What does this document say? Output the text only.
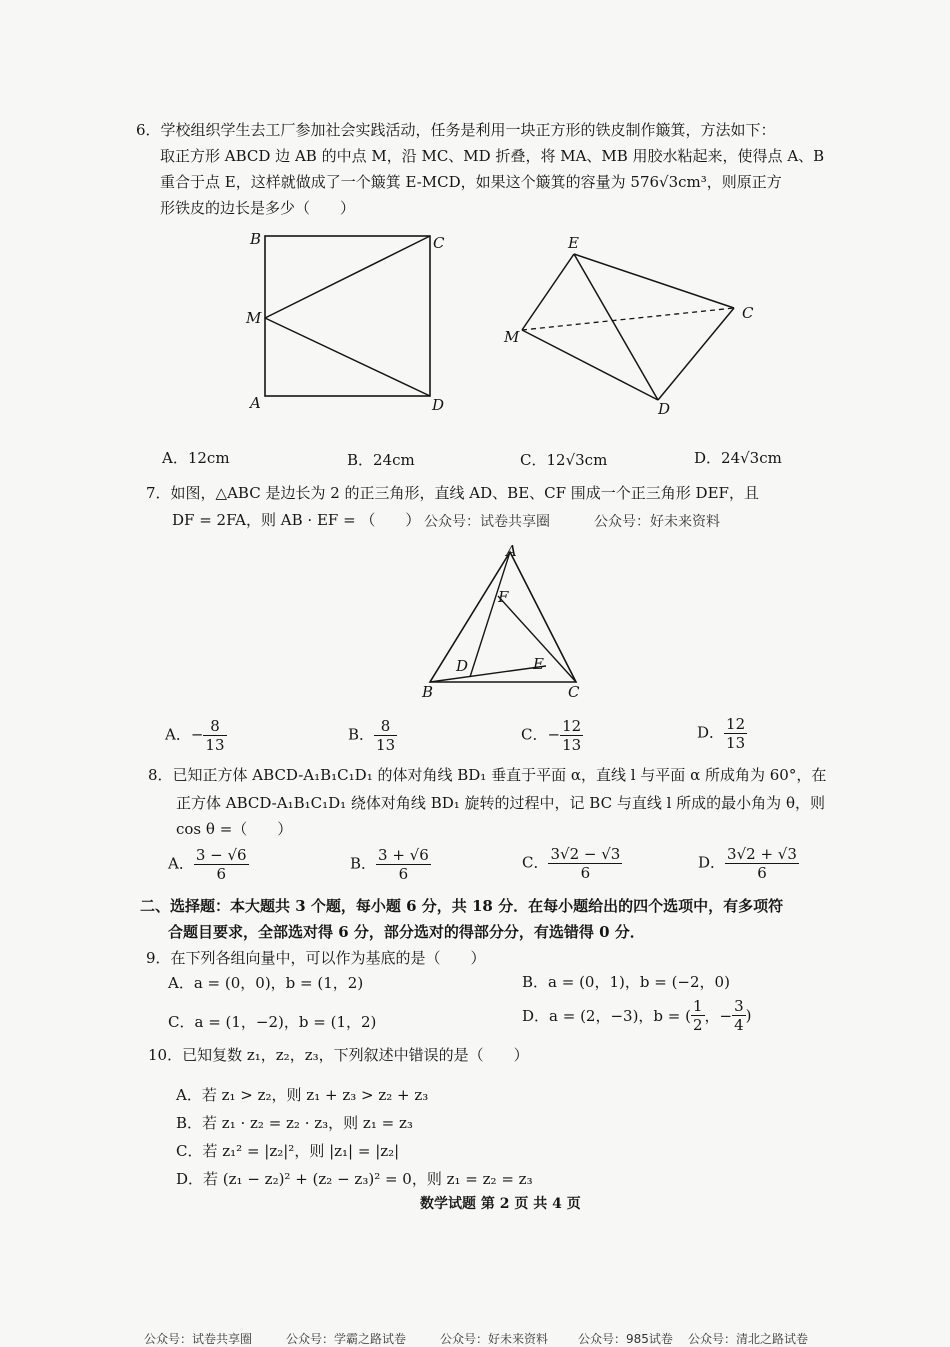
6．学校组织学生去工厂参加社会实践活动，任务是利用一块正方形的铁皮制作簸箕，方法如下：
取正方形 ABCD 边 AB 的中点 M，沿 MC、MD 折叠，将 MA、MB 用胶水粘起来，使得点 A、B
重合于点 E，这样就做成了一个簸箕 E-MCD，如果这个簸箕的容量为 576√3cm³，则原正方
形铁皮的边长是多少（　　）
B	C
M
A	D
E
C
M
D
A．12cm	B．24cm	C．12√3cm	D．24√3cm
7．如图，△ABC 是边长为 2 的正三角形，直线 AD、BE、CF 围成一个正三角形 DEF，且
DF = 2FA，则 AB · EF = （　　） 公众号：试卷共享圈	公众号：好未来资料
A
F
D	E
B	C
A．− $\frac{8}{13}$	B． $\frac{8}{13}$	C．− $\frac{12}{13}$	D． $\frac{12}{13}$
8．已知正方体 ABCD-A₁B₁C₁D₁ 的体对角线 BD₁ 垂直于平面 α，直线 l 与平面 α 所成角为 60°，在
正方体 ABCD-A₁B₁C₁D₁ 绕体对角线 BD₁ 旋转的过程中，记 BC 与直线 l 所成的最小角为 θ，则
cos θ =（　　）
A． $\frac{3 - √6}{6}$	B． $\frac{3 + √6}{6}$	C． $\frac{3√2 - √3}{6}$	D． $\frac{3√2 + √3}{6}$
二、选择题：本大题共 3 个题，每小题 6 分，共 18 分．在每小题给出的四个选项中，有多项符
合题目要求，全部选对得 6 分，部分选对的得部分分，有选错得 0 分．
9．在下列各组向量中，可以作为基底的是（　　）
A．a = (0，0)，b = (1，2)	B．a = (0，1)，b = (−2，0)
C．a = (1，−2)，b = (1，2)	D．a = (2，−3)，b = ( $\frac{1}{2}$ ，− $\frac{3}{4}$ )
10．已知复数 z₁，z₂，z₃，下列叙述中错误的是（　　）
A．若 z₁ > z₂，则 z₁ + z₃ > z₂ + z₃
B．若 z₁ · z₂ = z₂ · z₃，则 z₁ = z₃
C．若 z₁² = |z₂|²，则 |z₁| = |z₂|
D．若 (z₁ − z₂)² + (z₂ − z₃)² = 0，则 z₁ = z₂ = z₃
数学试题 第 2 页 共 4 页
公众号：试卷共享圈	公众号：学霸之路试卷	公众号：好未来资料 公众号：985试卷 公众号：清北之路试卷
